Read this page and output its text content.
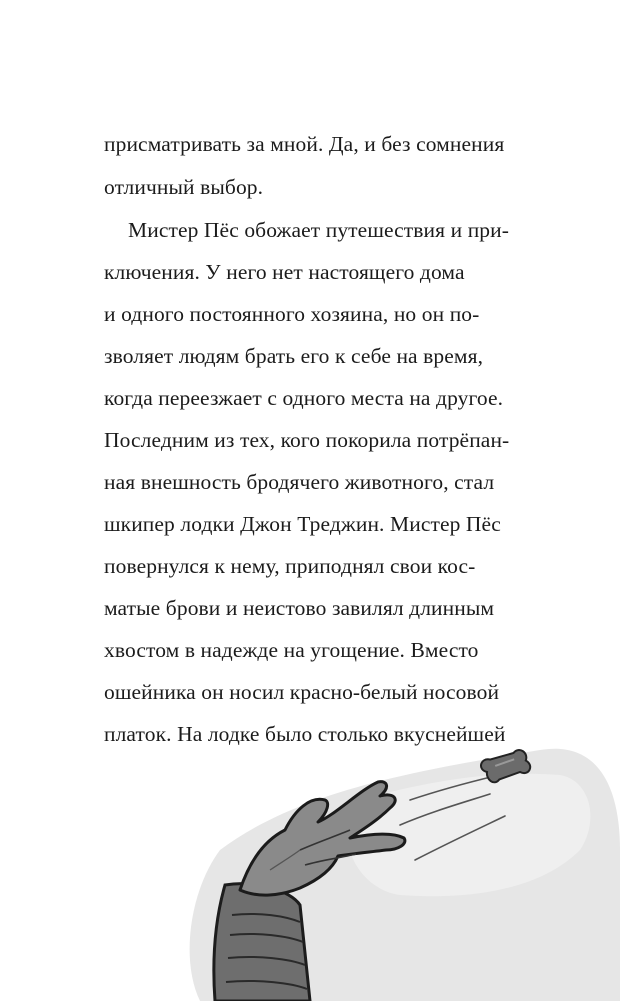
присматривать за мной. Да, и без сомнения
отличный выбор.
Мистер Пёс обожает путешествия и при-
ключения. У него нет настоящего дома
и одного постоянного хозяина, но он по-
зволяет людям брать его к себе на время,
когда переезжает с одного места на другое.
Последним из тех, кого покорила потрёпан-
ная внешность бродячего животного, стал
шкипер лодки Джон Треджин. Мистер Пёс
повернулся к нему, приподнял свои кос-
матые брови и неистово завилял длинным
хвостом в надежде на угощение. Вместо
ошейника он носил красно-белый носовой
платок. На лодке было столько вкуснейшей
